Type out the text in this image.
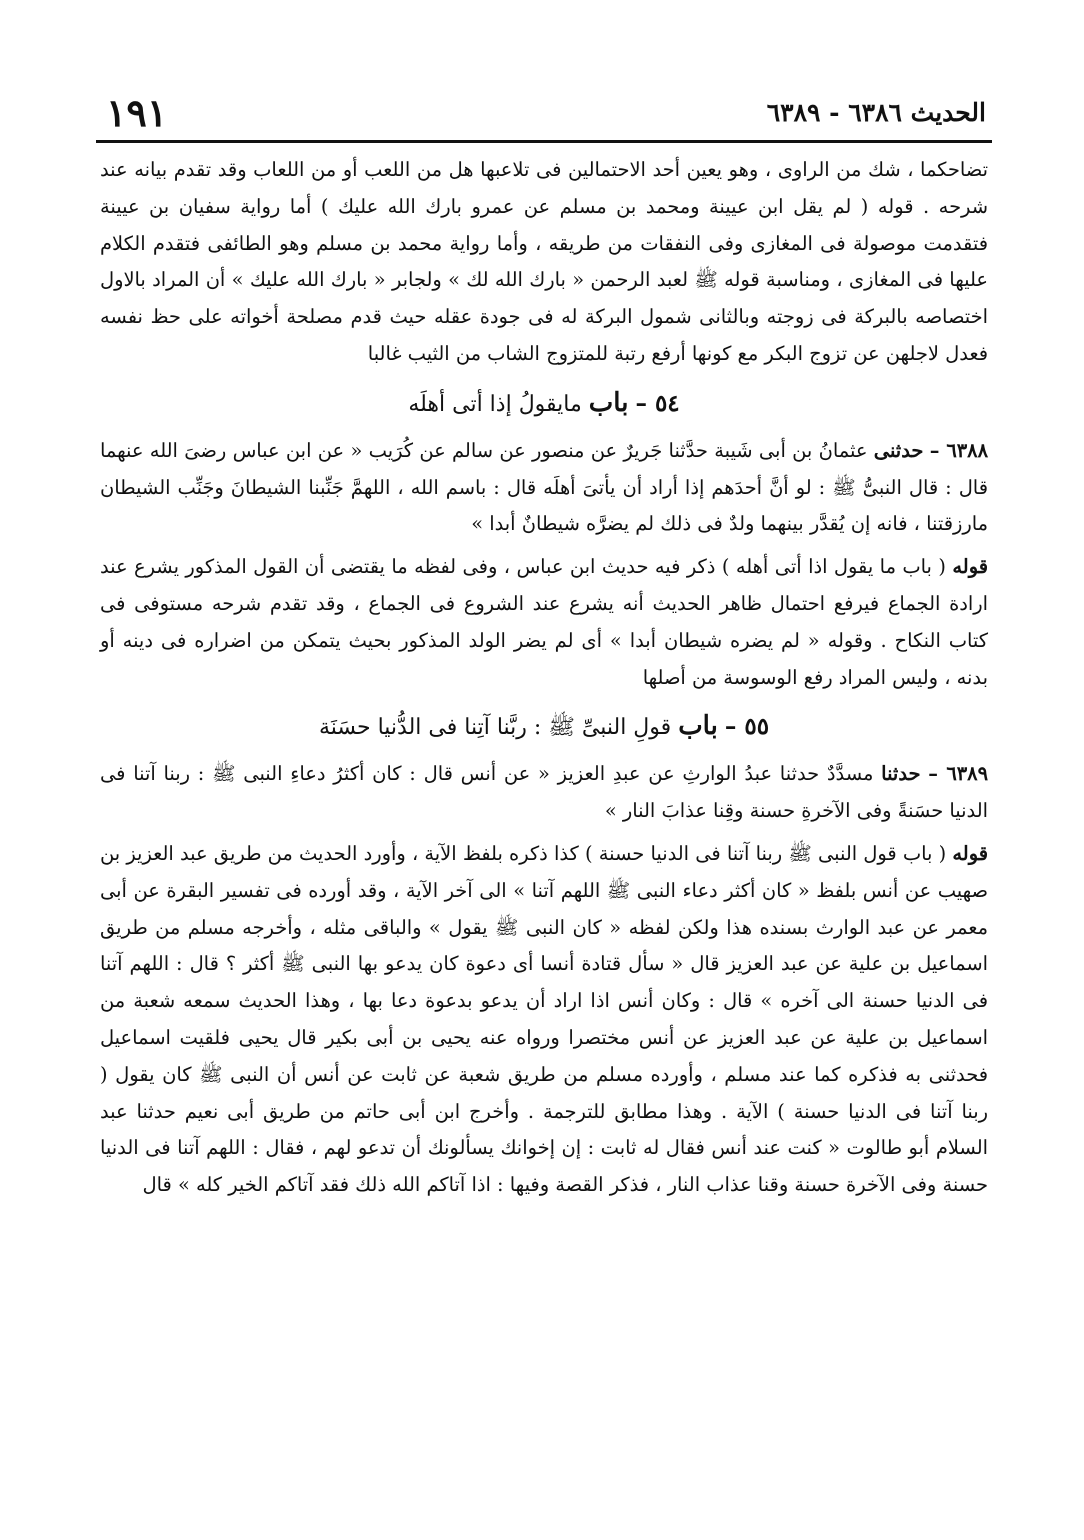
الحديث ٦٣٨٦ - ٦٣٨٩
١٩١

تضاحكما ، شك من الراوى ، وهو يعين أحد الاحتمالين فى تلاعبها هل من اللعب أو من اللعاب وقد تقدم بيانه عند شرحه . قوله ( لم يقل ابن عيينة ومحمد بن مسلم عن عمرو بارك الله عليك ) أما رواية سفيان بن عيينة فتقدمت موصولة فى المغازى وفى النفقات من طريقه ، وأما رواية محمد بن مسلم وهو الطائفى فتقدم الكلام عليها فى المغازى ، ومناسبة قوله ﷺ لعبد الرحمن « بارك الله لك » ولجابر « بارك الله عليك » أن المراد بالاول اختصاصه بالبركة فى زوجته وبالثانى شمول البركة له فى جودة عقله حيث قدم مصلحة أخواته على حظ نفسه فعدل لاجلهن عن تزوج البكر مع كونها أرفع رتبة للمتزوج الشاب من الثيب غالبا

٥٤ – باب مايقولُ إذا أتى أهلَه

٦٣٨٨ – حدثنى عثمانُ بن أبى شَيبة حدَّثنا جَريرٌ عن منصور عن سالم عن كُرَيب « عن ابن عباس رضىَ الله عنهما قال : قال النبىُّ ﷺ : لو أنَّ أحدَهم إذا أراد أن يأتىَ أهلَه قال : باسم الله ، اللهمَّ جَنِّبنا الشيطانَ وجَنِّب الشيطان مارزقتنا ، فانه إن يُقدَّر بينهما ولدٌ فى ذلك لم يضرَّه شيطانٌ أبدا »

قوله ( باب ما يقول اذا أتى أهله ) ذكر فيه حديث ابن عباس ، وفى لفظه ما يقتضى أن القول المذكور يشرع عند ارادة الجماع فيرفع احتمال ظاهر الحديث أنه يشرع عند الشروع فى الجماع ، وقد تقدم شرحه مستوفى فى كتاب النكاح . وقوله « لم يضره شيطان أبدا » أى لم يضر الولد المذكور بحيث يتمكن من اضراره فى دينه أو بدنه ، وليس المراد رفع الوسوسة من أصلها

٥٥ – باب قولِ النبىِّ ﷺ : ربَّنا آتِنا فى الدُّنيا حسَنَة

٦٣٨٩ – حدثنا مسدَّدٌ حدثنا عبدُ الوارثِ عن عبدِ العزيز « عن أنس قال : كان أكثرُ دعاءِ النبى ﷺ : ربنا آتنا فى الدنيا حسَنةً وفى الآخرةِ حسنة وقِنا عذابَ النار »

قوله ( باب قول النبى ﷺ ربنا آتنا فى الدنيا حسنة ) كذا ذكره بلفظ الآية ، وأورد الحديث من طريق عبد العزيز بن صهيب عن أنس بلفظ « كان أكثر دعاء النبى ﷺ اللهم آتنا » الى آخر الآية ، وقد أورده فى تفسير البقرة عن أبى معمر عن عبد الوارث بسنده هذا ولكن لفظه « كان النبى ﷺ يقول » والباقى مثله ، وأخرجه مسلم من طريق اسماعيل بن علية عن عبد العزيز قال « سأل قتادة أنسا أى دعوة كان يدعو بها النبى ﷺ أكثر ؟ قال : اللهم آتنا فى الدنيا حسنة الى آخره » قال : وكان أنس اذا اراد أن يدعو بدعوة دعا بها ، وهذا الحديث سمعه شعبة من اسماعيل بن علية عن عبد العزيز عن أنس مختصرا ورواه عنه يحيى بن أبى بكير قال يحيى فلقيت اسماعيل فحدثنى به فذكره كما عند مسلم ، وأورده مسلم من طريق شعبة عن ثابت عن أنس أن النبى ﷺ كان يقول ( ربنا آتنا فى الدنيا حسنة ) الآية . وهذا مطابق للترجمة . وأخرج ابن أبى حاتم من طريق أبى نعيم حدثنا عبد السلام أبو طالوت « كنت عند أنس فقال له ثابت : إن إخوانك يسألونك أن تدعو لهم ، فقال : اللهم آتنا فى الدنيا حسنة وفى الآخرة حسنة وقنا عذاب النار ، فذكر القصة وفيها : اذا آتاكم الله ذلك فقد آتاكم الخير كله » قال
